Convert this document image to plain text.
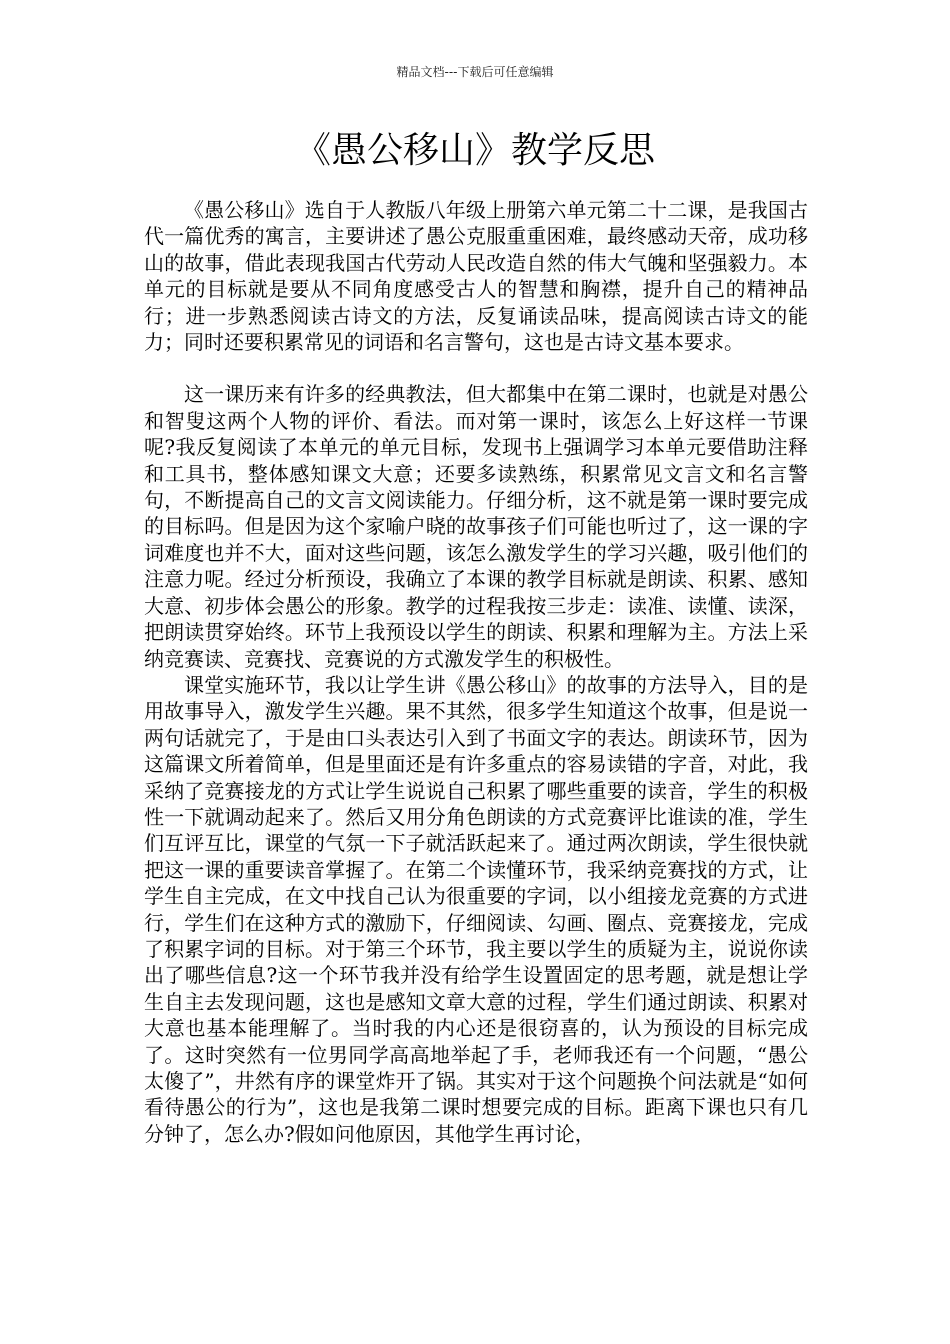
精品文档---下载后可任意编辑
《愚公移山》教学反思

《愚公移山》选自于人教版八年级上册第六单元第二十二课，是我国古代一篇优秀的寓言，主要讲述了愚公克服重重困难，最终感动天帝，成功移山的故事，借此表现我国古代劳动人民改造自然的伟大气魄和坚强毅力。本单元的目标就是要从不同角度感受古人的智慧和胸襟，提升自己的精神品行；进一步熟悉阅读古诗文的方法，反复诵读品味，提高阅读古诗文的能力；同时还要积累常见的词语和名言警句，这也是古诗文基本要求。

这一课历来有许多的经典教法，但大都集中在第二课时，也就是对愚公和智叟这两个人物的评价、看法。而对第一课时，该怎么上好这样一节课呢?我反复阅读了本单元的单元目标，发现书上强调学习本单元要借助注释和工具书，整体感知课文大意；还要多读熟练，积累常见文言文和名言警句，不断提高自己的文言文阅读能力。仔细分析，这不就是第一课时要完成的目标吗。但是因为这个家喻户晓的故事孩子们可能也听过了，这一课的字词难度也并不大，面对这些问题，该怎么激发学生的学习兴趣，吸引他们的注意力呢。经过分析预设，我确立了本课的教学目标就是朗读、积累、感知大意、初步体会愚公的形象。教学的过程我按三步走：读准、读懂、读深，把朗读贯穿始终。环节上我预设以学生的朗读、积累和理解为主。方法上采纳竞赛读、竞赛找、竞赛说的方式激发学生的积极性。

课堂实施环节，我以让学生讲《愚公移山》的故事的方法导入，目的是用故事导入，激发学生兴趣。果不其然，很多学生知道这个故事，但是说一两句话就完了，于是由口头表达引入到了书面文字的表达。朗读环节，因为这篇课文所着简单，但是里面还是有许多重点的容易读错的字音，对此，我采纳了竞赛接龙的方式让学生说说自己积累了哪些重要的读音，学生的积极性一下就调动起来了。然后又用分角色朗读的方式竞赛评比谁读的准，学生们互评互比，课堂的气氛一下子就活跃起来了。通过两次朗读，学生很快就把这一课的重要读音掌握了。在第二个读懂环节，我采纳竞赛找的方式，让学生自主完成，在文中找自己认为很重要的字词，以小组接龙竞赛的方式进行，学生们在这种方式的激励下，仔细阅读、勾画、圈点、竞赛接龙，完成了积累字词的目标。对于第三个环节，我主要以学生的质疑为主，说说你读出了哪些信息?这一个环节我并没有给学生设置固定的思考题，就是想让学生自主去发现问题，这也是感知文章大意的过程，学生们通过朗读、积累对大意也基本能理解了。当时我的内心还是很窃喜的，认为预设的目标完成了。这时突然有一位男同学高高地举起了手，老师我还有一个问题，“愚公太傻了”，井然有序的课堂炸开了锅。其实对于这个问题换个问法就是“如何看待愚公的行为”，这也是我第二课时想要完成的目标。距离下课也只有几分钟了，怎么办?假如问他原因，其他学生再讨论，
